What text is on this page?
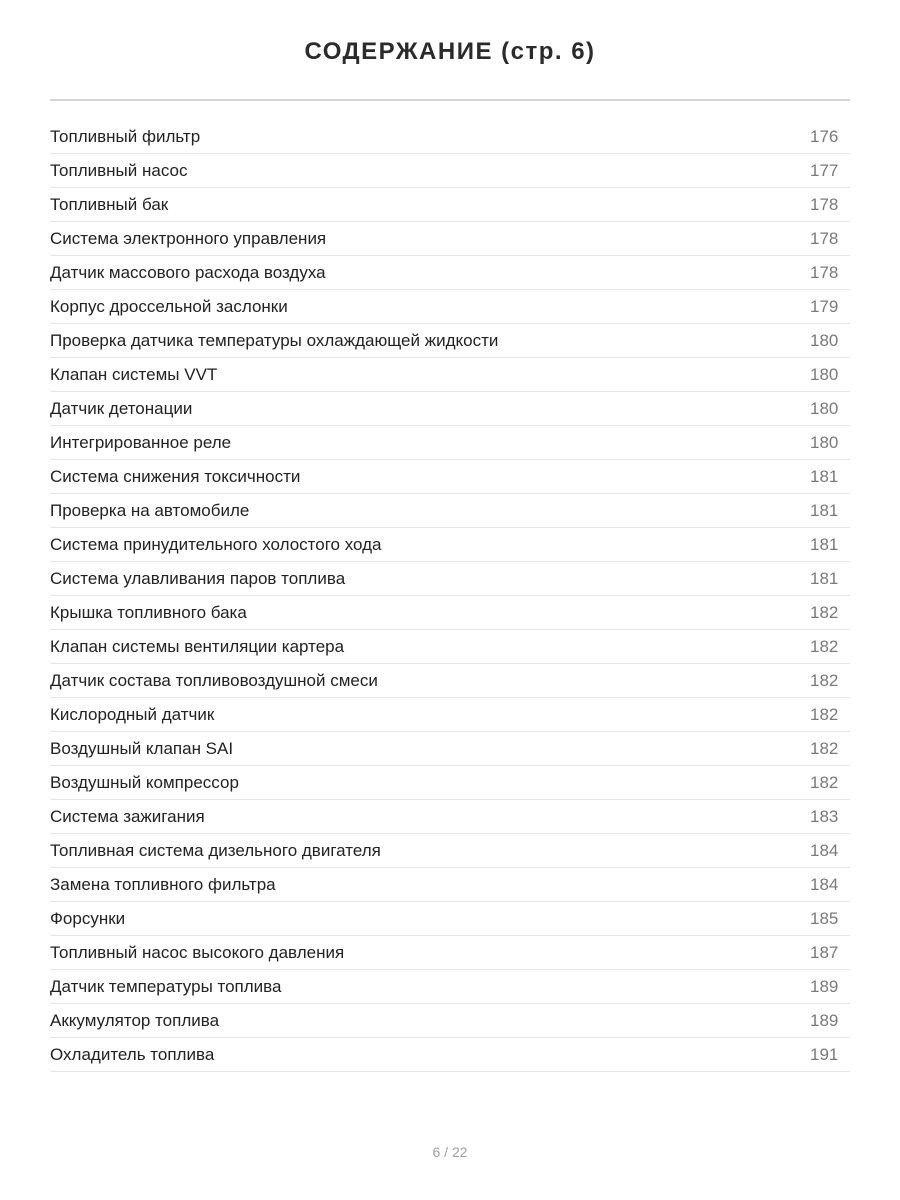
СОДЕРЖАНИЕ (стр. 6)
Топливный фильтр	176
Топливный насос	177
Топливный бак	178
Система электронного управления	178
Датчик массового расхода воздуха	178
Корпус дроссельной заслонки	179
Проверка датчика температуры охлаждающей жидкости	180
Клапан системы VVT	180
Датчик детонации	180
Интегрированное реле	180
Система снижения токсичности	181
Проверка на автомобиле	181
Система принудительного холостого хода	181
Система улавливания паров топлива	181
Крышка топливного бака	182
Клапан системы вентиляции картера	182
Датчик состава топливовоздушной смеси	182
Кислородный датчик	182
Воздушный клапан SAI	182
Воздушный компрессор	182
Система зажигания	183
Топливная система дизельного двигателя	184
Замена топливного фильтра	184
Форсунки	185
Топливный насос высокого давления	187
Датчик температуры топлива	189
Аккумулятор топлива	189
Охладитель топлива	191
6 / 22
